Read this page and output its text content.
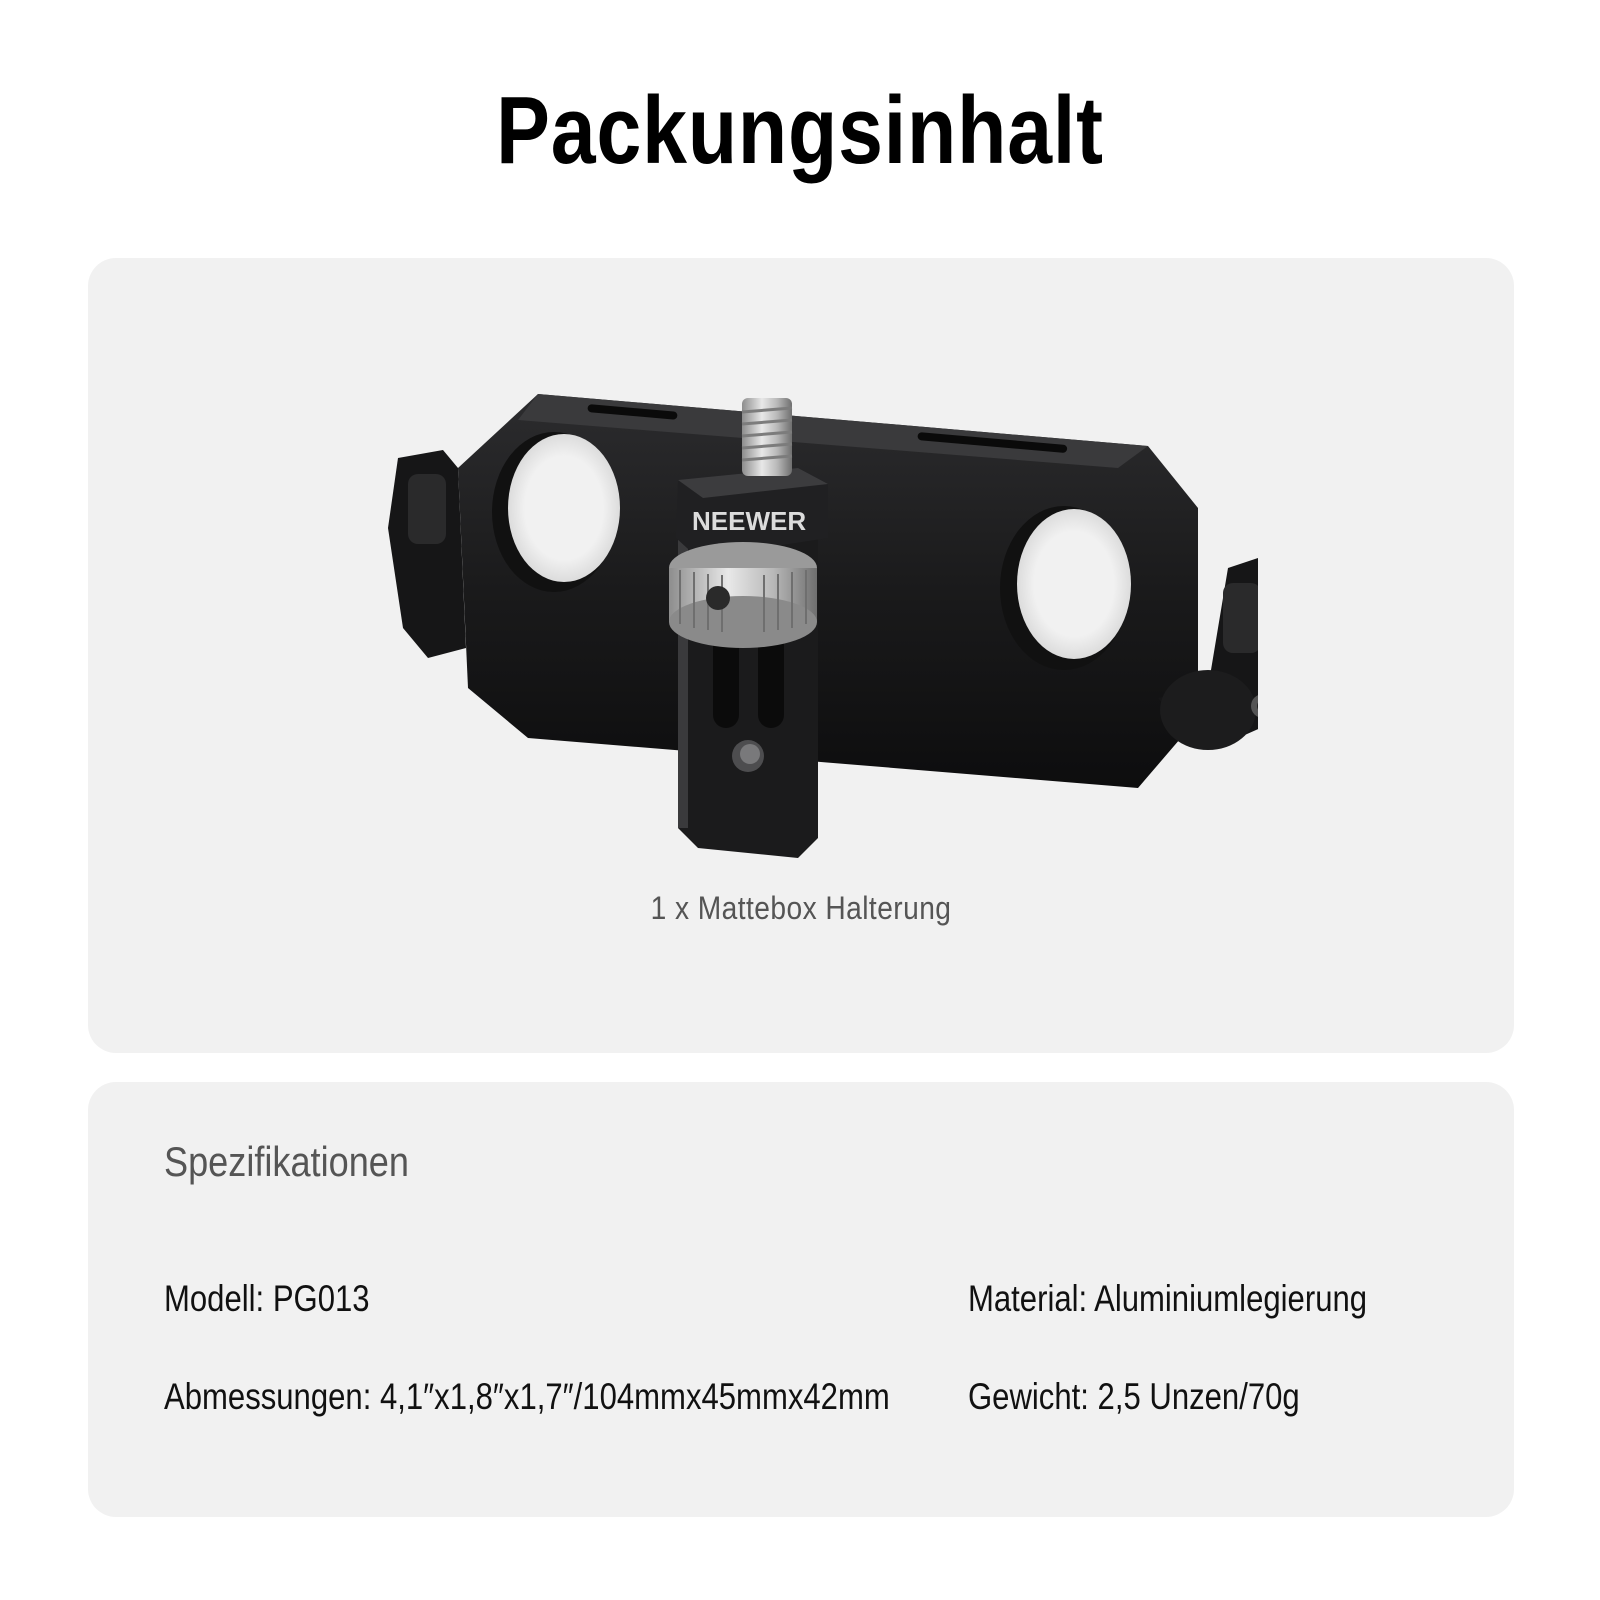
Packungsinhalt
NEEWER
1 x Mattebox Halterung
Spezifikationen
Modell: PG013	Material: Aluminiumlegierung
Abmessungen: 4,1″x1,8″x1,7″/104mmx45mmx42mm Gewicht: 2,5 Unzen/70g
